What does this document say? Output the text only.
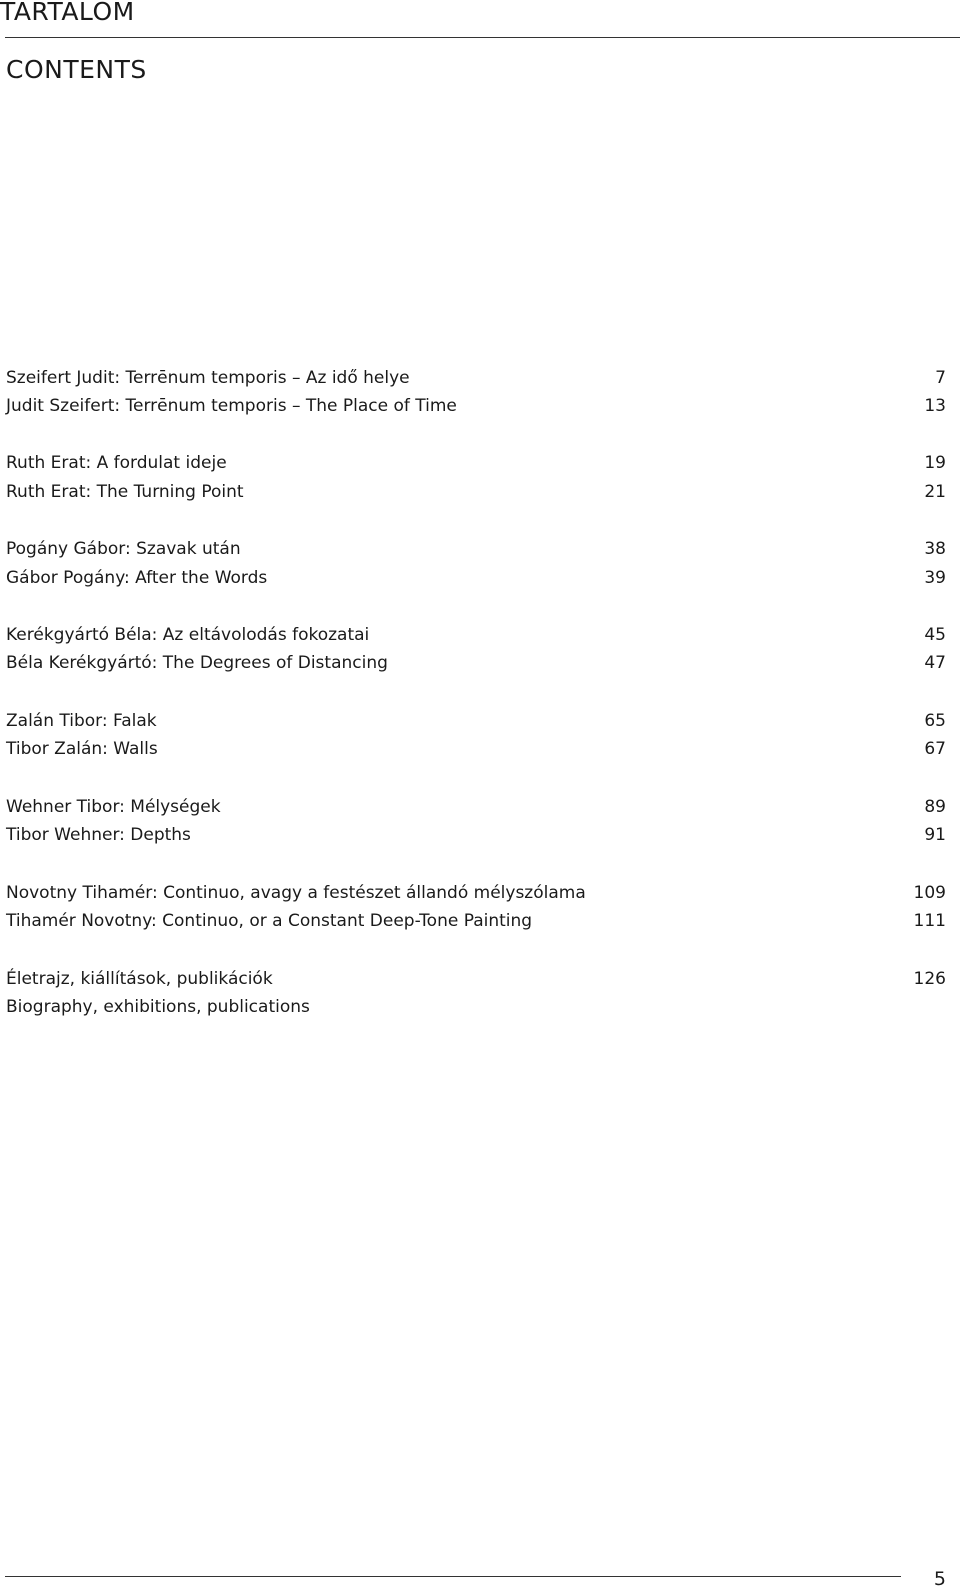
TARTALOM
CONTENTS
Szeifert Judit: Terrēnum temporis – Az idő helye	7
Judit Szeifert: Terrēnum temporis – The Place of Time	13
Ruth Erat: A fordulat ideje	19
Ruth Erat: The Turning Point	21
Pogány Gábor: Szavak után	38
Gábor Pogány: After the Words	39
Kerékgyártó Béla: Az eltávolodás fokozatai	45
Béla Kerékgyártó: The Degrees of Distancing	47
Zalán Tibor: Falak	65
Tibor Zalán: Walls	67
Wehner Tibor: Mélységek	89
Tibor Wehner: Depths	91
Novotny Tihamér: Continuo, avagy a festészet állandó mélyszólama	109
Tihamér Novotny: Continuo, or a Constant Deep-Tone Painting	111
Életrajz, kiállítások, publikációk	126
Biography, exhibitions, publications
5
